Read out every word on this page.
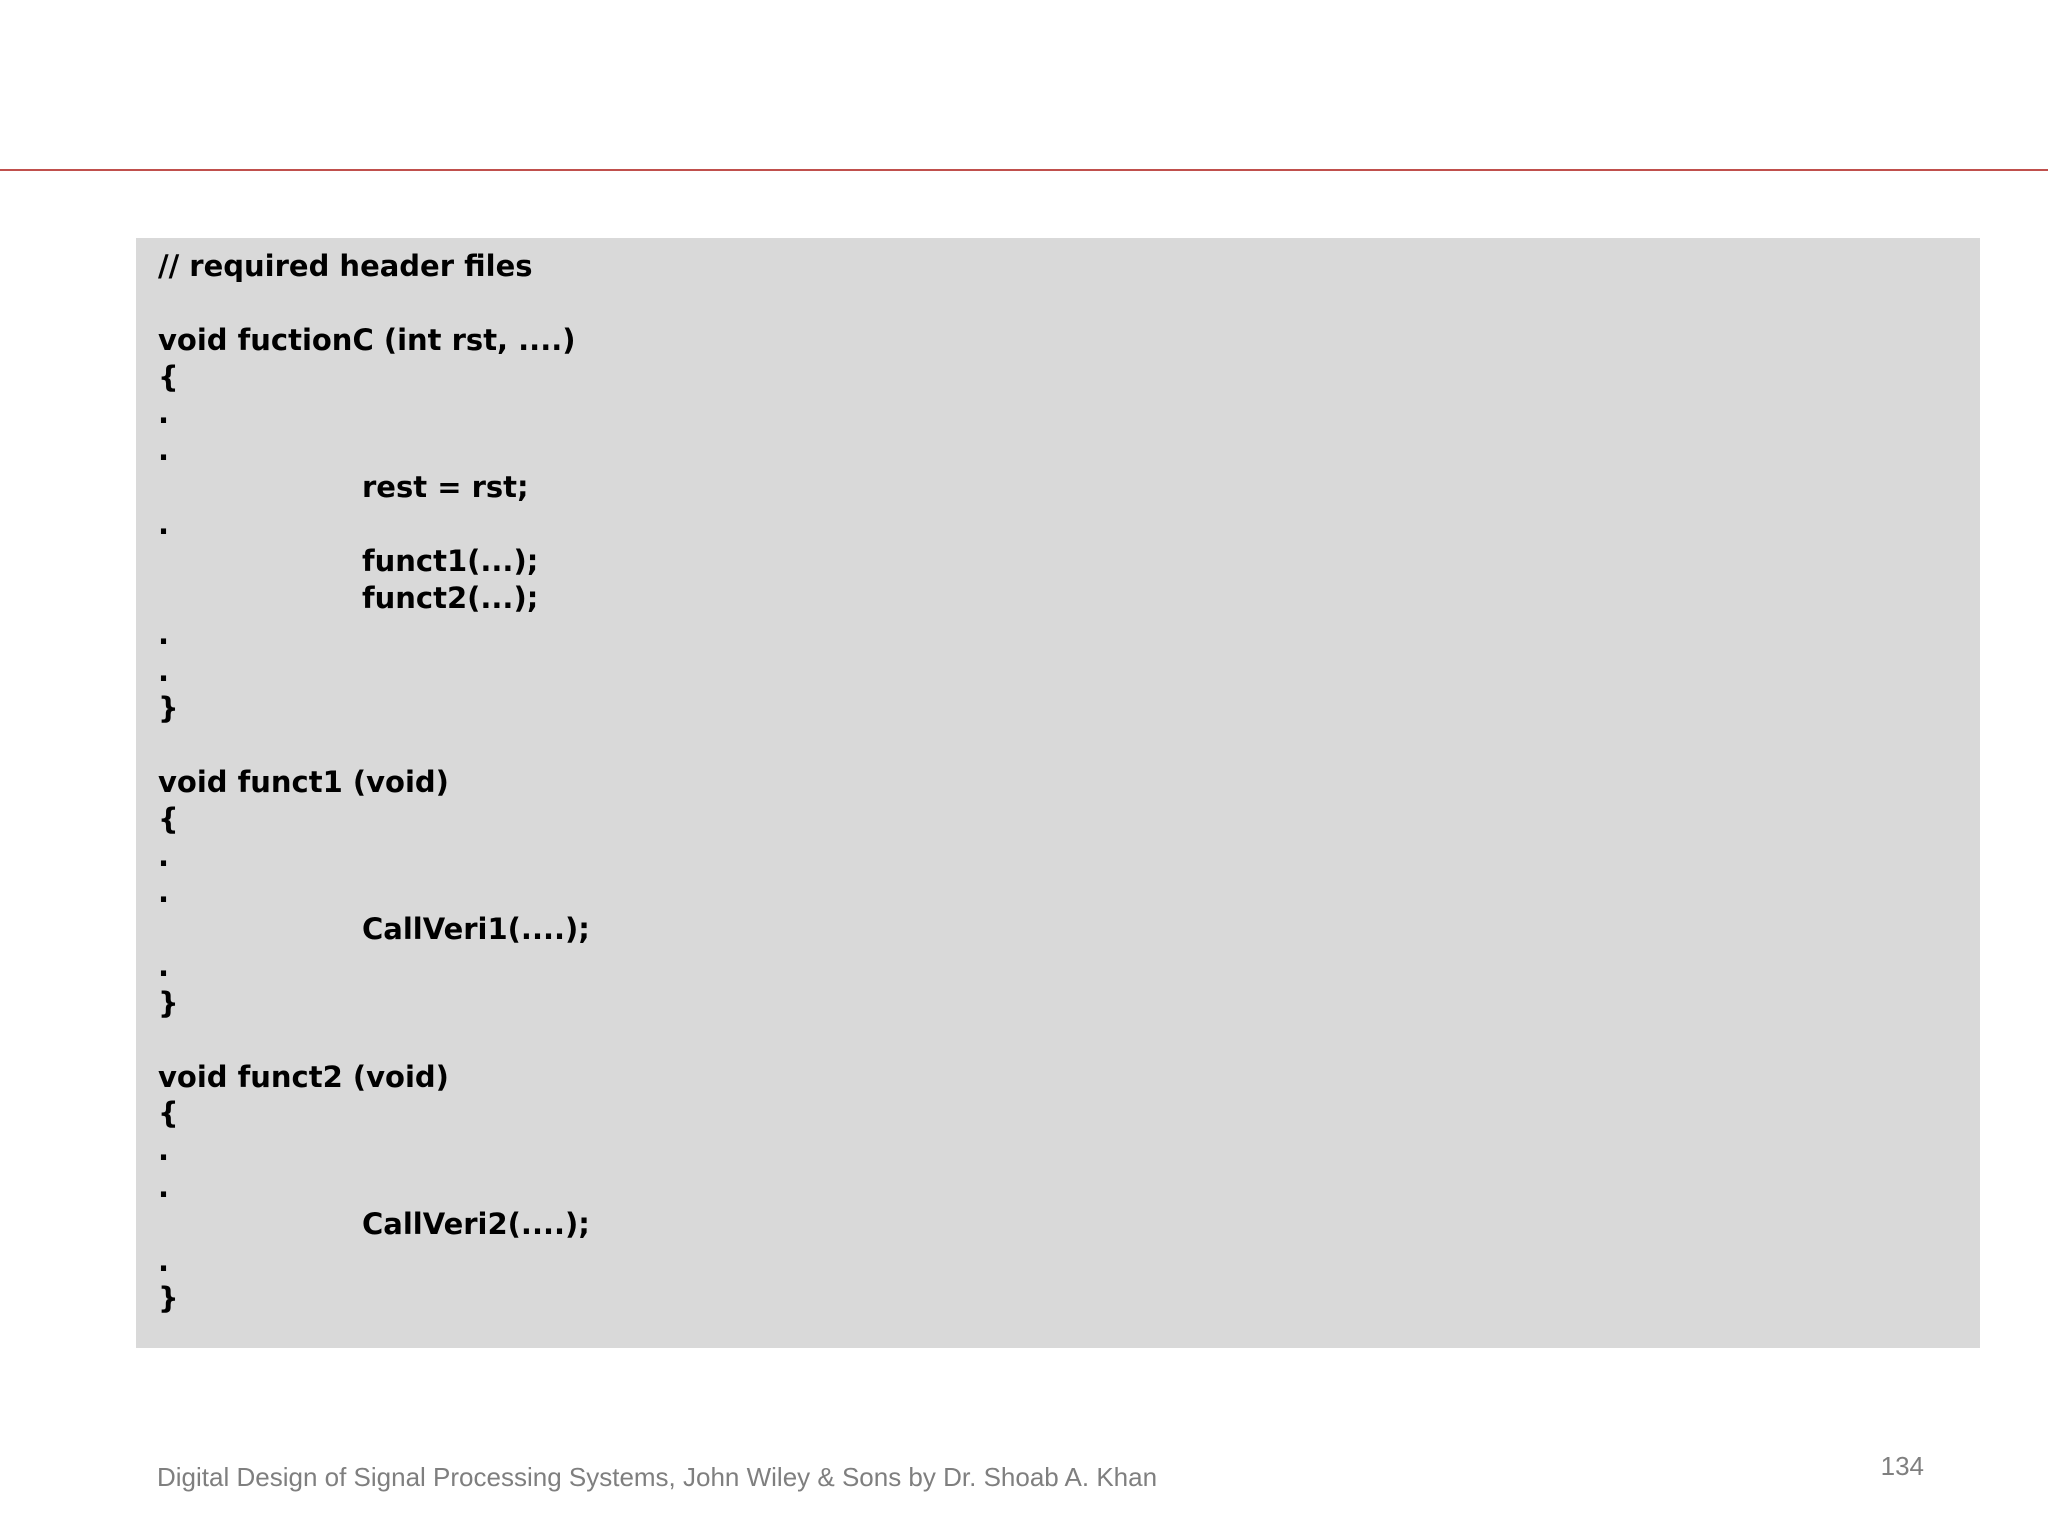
// required header files
void fuctionC (int rst, ....)
{
.
.
rest = rst;
.
funct1(...);
funct2(...);
.
.
}
void funct1 (void)
{
.
.
CallVeri1(....);
.
}
void funct2 (void)
{
.
.
CallVeri2(....);
.
}
Digital Design of Signal Processing Systems, John Wiley & Sons by Dr. Shoab A. Khan	134
